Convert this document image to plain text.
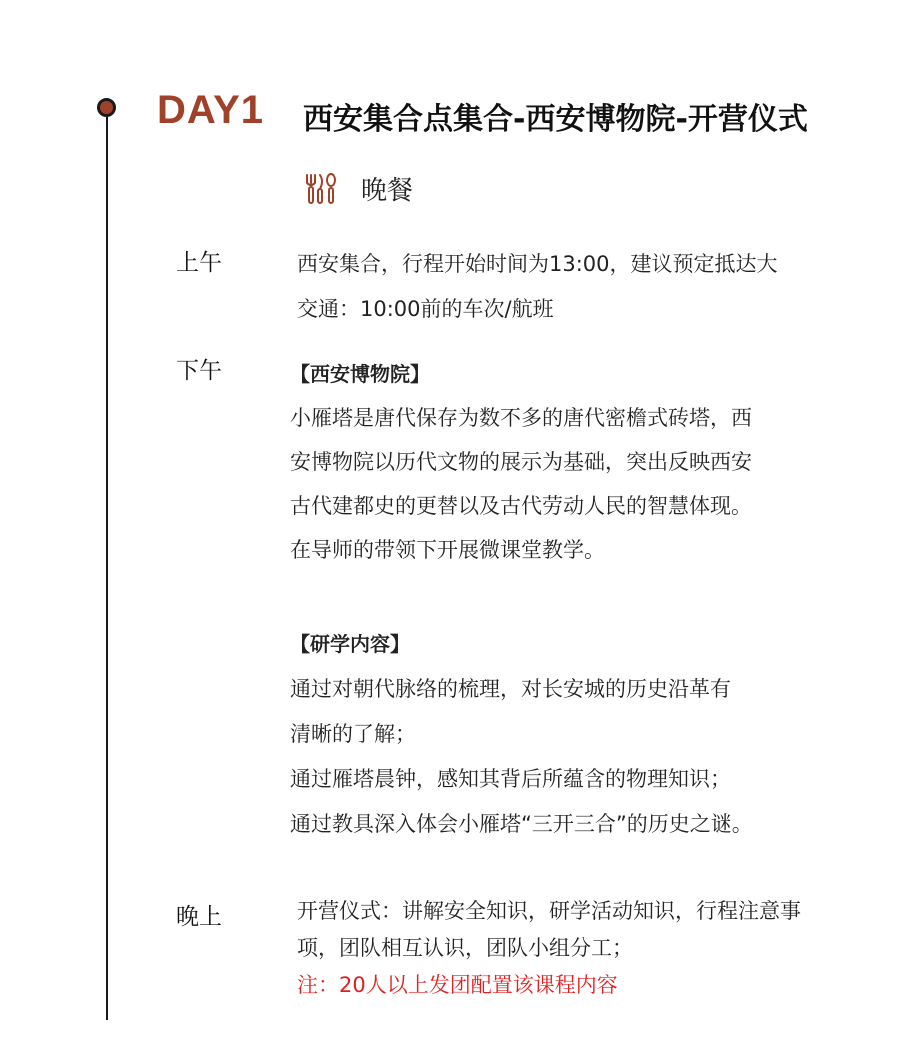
DAY1 西安集合点集合-西安博物院-开营仪式
晚餐
上午	西安集合，行程开始时间为13:00，建议预定抵达大
交通：10:00前的车次/航班
下午	【西安博物院】
小雁塔是唐代保存为数不多的唐代密檐式砖塔，西
安博物院以历代文物的展示为基础，突出反映西安
古代建都史的更替以及古代劳动人民的智慧体现。
在导师的带领下开展微课堂教学。
【研学内容】
通过对朝代脉络的梳理，对长安城的历史沿革有
清晰的了解；
通过雁塔晨钟，感知其背后所蕴含的物理知识；
通过教具深入体会小雁塔“三开三合”的历史之谜。
晚上	开营仪式：讲解安全知识，研学活动知识，行程注意事
项，团队相互认识，团队小组分工；
注：20人以上发团配置该课程内容
